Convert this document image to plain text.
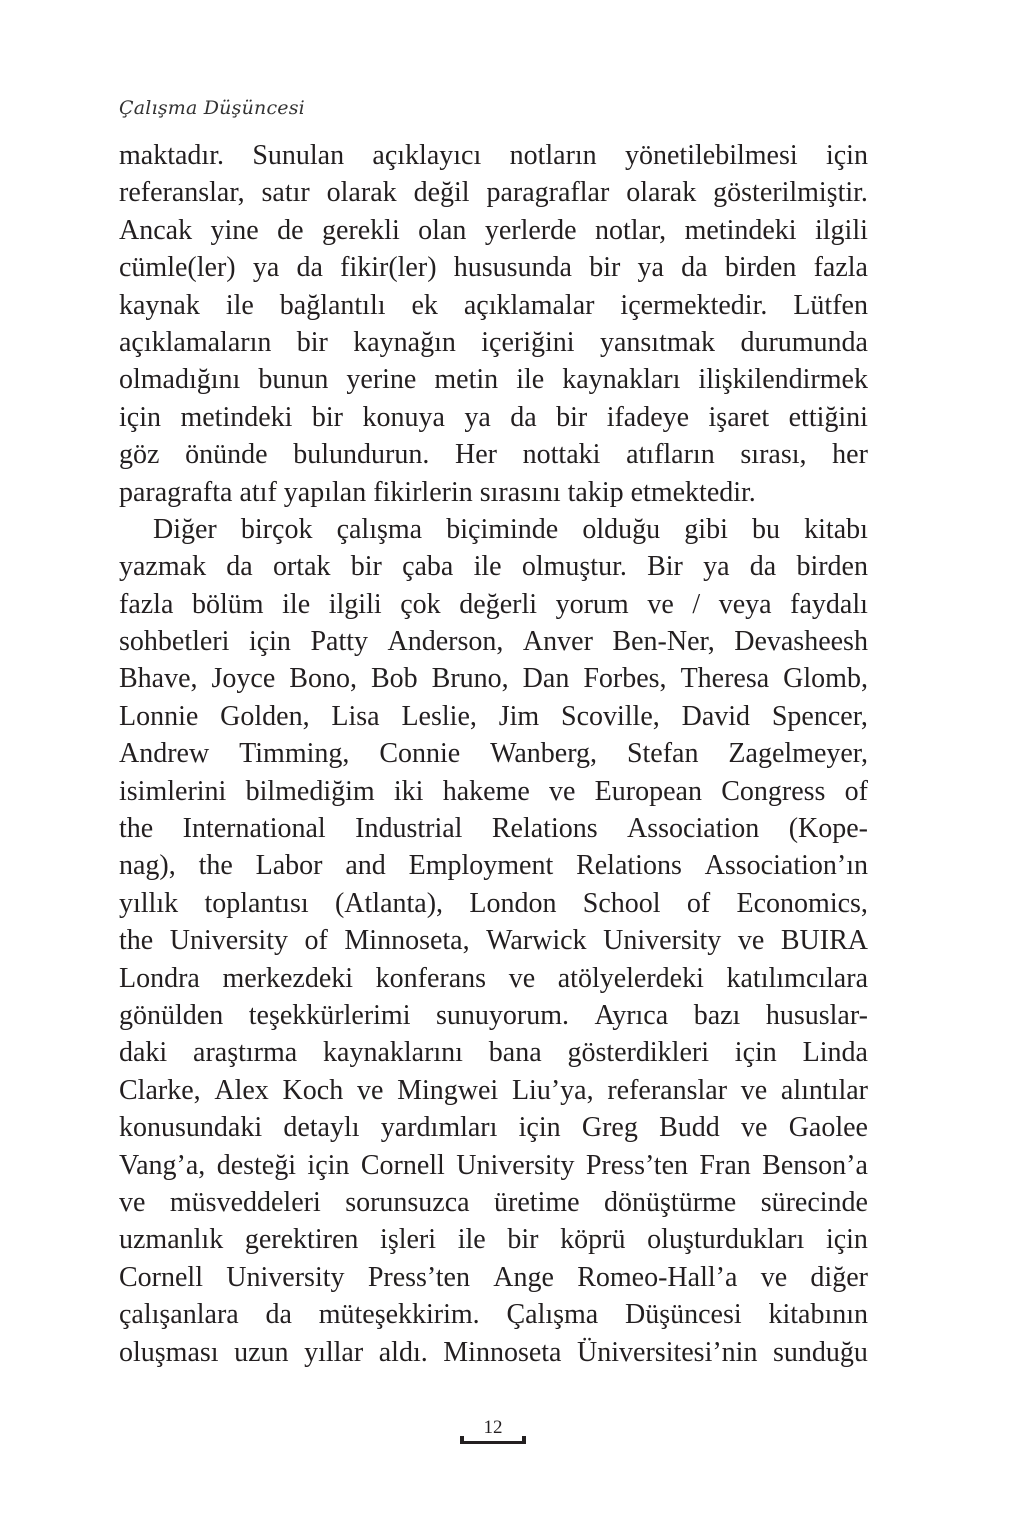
Çalışma Düşüncesi
maktadır. Sunulan açıklayıcı notların yönetilebilmesi için
referanslar, satır olarak değil paragraflar olarak gösterilmiştir.
Ancak yine de gerekli olan yerlerde notlar, metindeki ilgili
cümle(ler) ya da fikir(ler) hususunda bir ya da birden fazla
kaynak ile bağlantılı ek açıklamalar içermektedir. Lütfen
açıklamaların bir kaynağın içeriğini yansıtmak durumunda
olmadığını bunun yerine metin ile kaynakları ilişkilendirmek
için metindeki bir konuya ya da bir ifadeye işaret ettiğini
göz önünde bulundurun. Her nottaki atıfların sırası, her
paragrafta atıf yapılan fikirlerin sırasını takip etmektedir.
Diğer birçok çalışma biçiminde olduğu gibi bu kitabı
yazmak da ortak bir çaba ile olmuştur. Bir ya da birden
fazla bölüm ile ilgili çok değerli yorum ve / veya faydalı
sohbetleri için Patty Anderson, Anver Ben-Ner, Devasheesh
Bhave, Joyce Bono, Bob Bruno, Dan Forbes, Theresa Glomb,
Lonnie Golden, Lisa Leslie, Jim Scoville, David Spencer,
Andrew Timming, Connie Wanberg, Stefan Zagelmeyer,
isimlerini bilmediğim iki hakeme ve European Congress of
the International Industrial Relations Association (Kope-
nag), the Labor and Employment Relations Association’ın
yıllık toplantısı (Atlanta), London School of Economics,
the University of Minnoseta, Warwick University ve BUIRA
Londra merkezdeki konferans ve atölyelerdeki katılımcılara
gönülden teşekkürlerimi sunuyorum. Ayrıca bazı hususlar-
daki araştırma kaynaklarını bana gösterdikleri için Linda
Clarke, Alex Koch ve Mingwei Liu’ya, referanslar ve alıntılar
konusundaki detaylı yardımları için Greg Budd ve Gaolee
Vang’a, desteği için Cornell University Press’ten Fran Benson’a
ve müsveddeleri sorunsuzca üretime dönüştürme sürecinde
uzmanlık gerektiren işleri ile bir köprü oluşturdukları için
Cornell University Press’ten Ange Romeo-Hall’a ve diğer
çalışanlara da müteşekkirim. Çalışma Düşüncesi kitabının
oluşması uzun yıllar aldı. Minnoseta Üniversitesi’nin sunduğu
12
